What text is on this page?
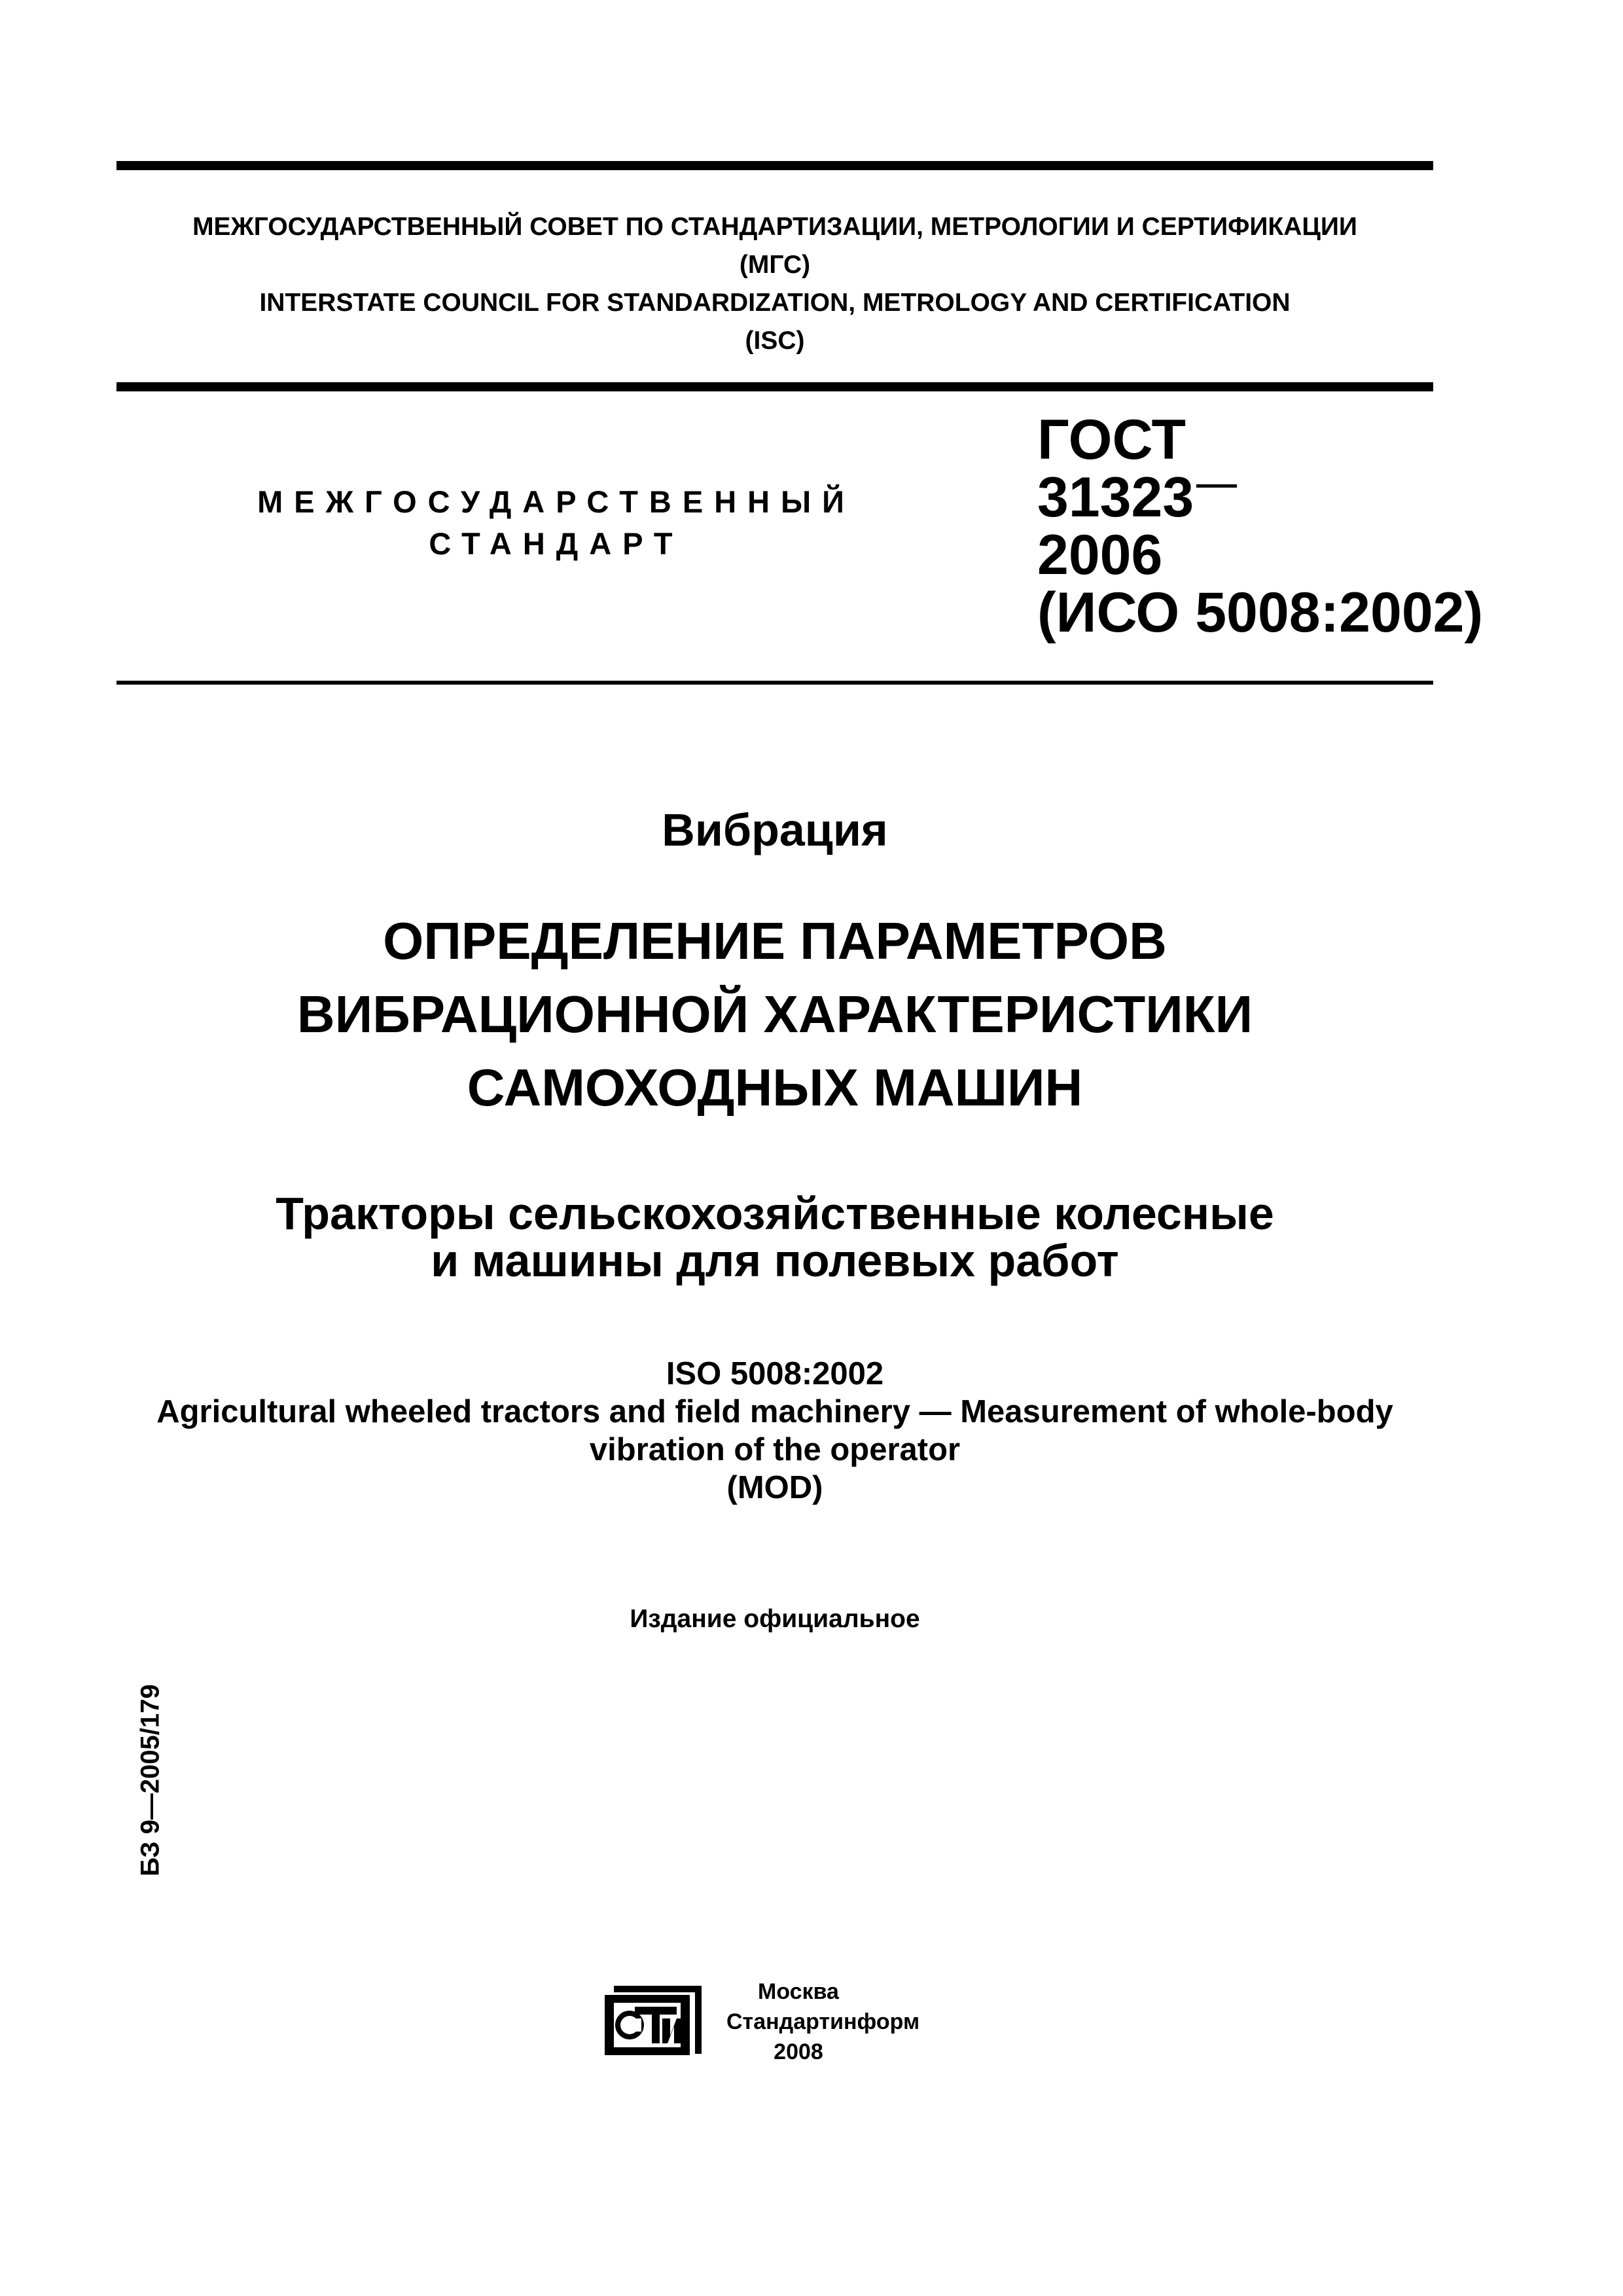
МЕЖГОСУДАРСТВЕННЫЙ СОВЕТ ПО СТАНДАРТИЗАЦИИ, МЕТРОЛОГИИ И СЕРТИФИКАЦИИ
(МГС)
INTERSTATE COUNCIL FOR STANDARDIZATION, METROLOGY AND CERTIFICATION
(ISC)
МЕЖГОСУДАРСТВЕННЫЙ
СТАНДАРТ
ГОСТ
31323
2006
(ИСО 5008:2002)
Вибрация
ОПРЕДЕЛЕНИЕ ПАРАМЕТРОВ
ВИБРАЦИОННОЙ ХАРАКТЕРИСТИКИ
САМОХОДНЫХ МАШИН
Тракторы сельскохозяйственные колесные
и машины для полевых работ
ISO 5008:2002
Agricultural wheeled tractors and field machinery — Measurement of whole-body
vibration of the operator
(MOD)
Издание официальное
БЗ 9—2005/179
Москва
Стандартинформ
2008
